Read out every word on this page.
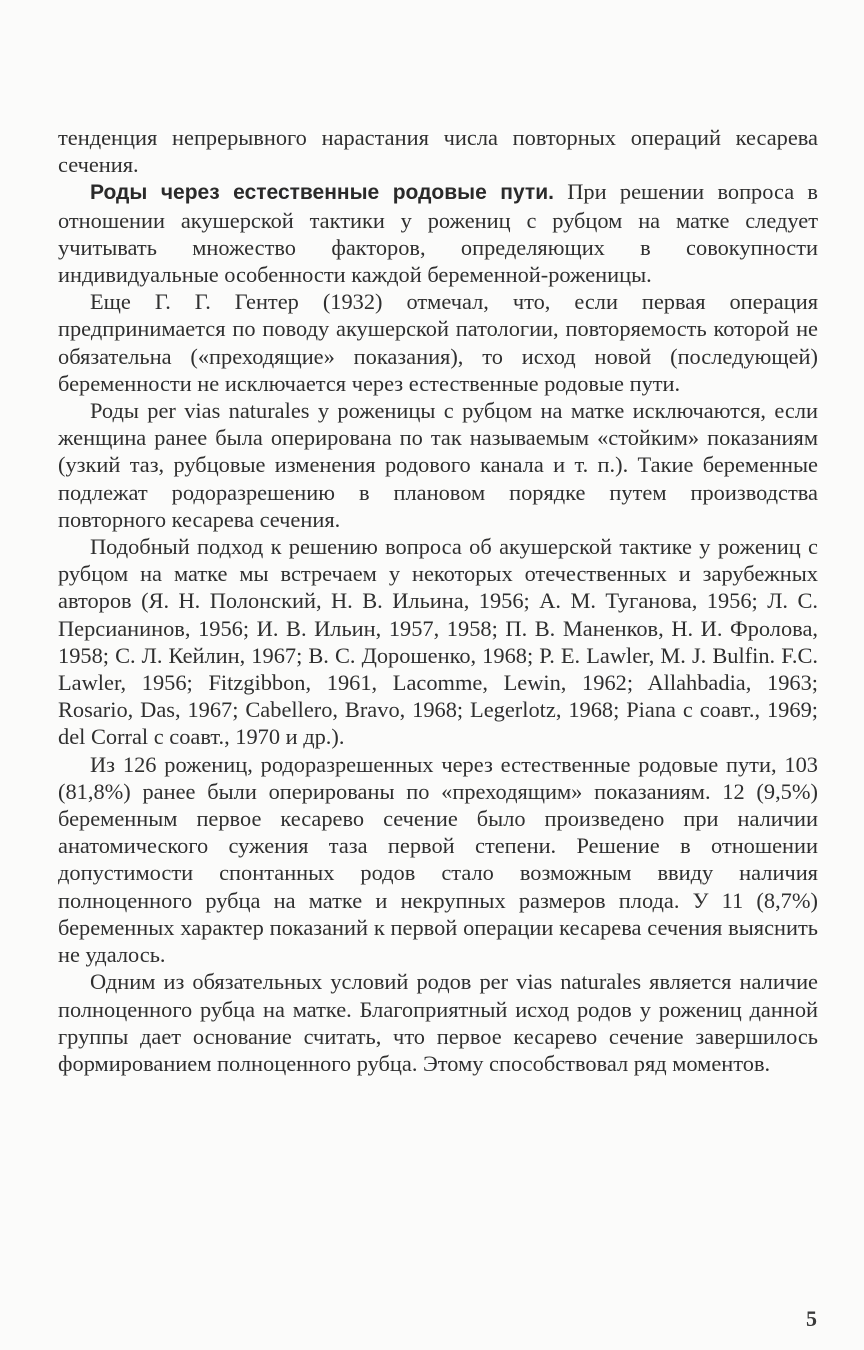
тенденция непрерывного нарастания числа повторных операций кесарева сечения.

Роды через естественные родовые пути. При решении вопроса в отношении акушерской тактики у рожениц с рубцом на матке следует учитывать множество факторов, определяющих в совокупности индивидуальные особенности каждой беременной-роженицы.

Еще Г. Г. Гентер (1932) отмечал, что, если первая операция предпринимается по поводу акушерской патологии, повторяемость которой не обязательна («преходящие» показания), то исход новой (последующей) беременности не исключается через естественные родовые пути.

Роды per vias naturales у роженицы с рубцом на матке исключаются, если женщина ранее была оперирована по так называемым «стойким» показаниям (узкий таз, рубцовые изменения родового канала и т. п.). Такие беременные подлежат родоразрешению в плановом порядке путем производства повторного кесарева сечения.

Подобный подход к решению вопроса об акушерской тактике у рожениц с рубцом на матке мы встречаем у некоторых отечественных и зарубежных авторов (Я. Н. Полонский, Н. В. Ильина, 1956; А. М. Туганова, 1956; Л. С. Персианинов, 1956; И. В. Ильин, 1957, 1958; П. В. Маненков, Н. И. Фролова, 1958; С. Л. Кейлин, 1967; В. С. Дорошенко, 1968; P. E. Lawler, M. J. Bulfin. F.C. Lawler, 1956; Fitzgibbon, 1961, Lacomme, Lewin, 1962; Allahbadia, 1963; Rosario, Das, 1967; Cabellero, Bravo, 1968; Legerlotz, 1968; Piana с соавт., 1969; del Corral с соавт., 1970 и др.).

Из 126 рожениц, родоразрешенных через естественные родовые пути, 103 (81,8%) ранее были оперированы по «преходящим» показаниям. 12 (9,5%) беременным первое кесарево сечение было произведено при наличии анатомического сужения таза первой степени. Решение в отношении допустимости спонтанных родов стало возможным ввиду наличия полноценного рубца на матке и некрупных размеров плода. У 11 (8,7%) беременных характер показаний к первой операции кесарева сечения выяснить не удалось.

Одним из обязательных условий родов per vias naturales является наличие полноценного рубца на матке. Благоприятный исход родов у рожениц данной группы дает основание считать, что первое кесарево сечение завершилось формированием полноценного рубца. Этому способствовал ряд моментов.

5
